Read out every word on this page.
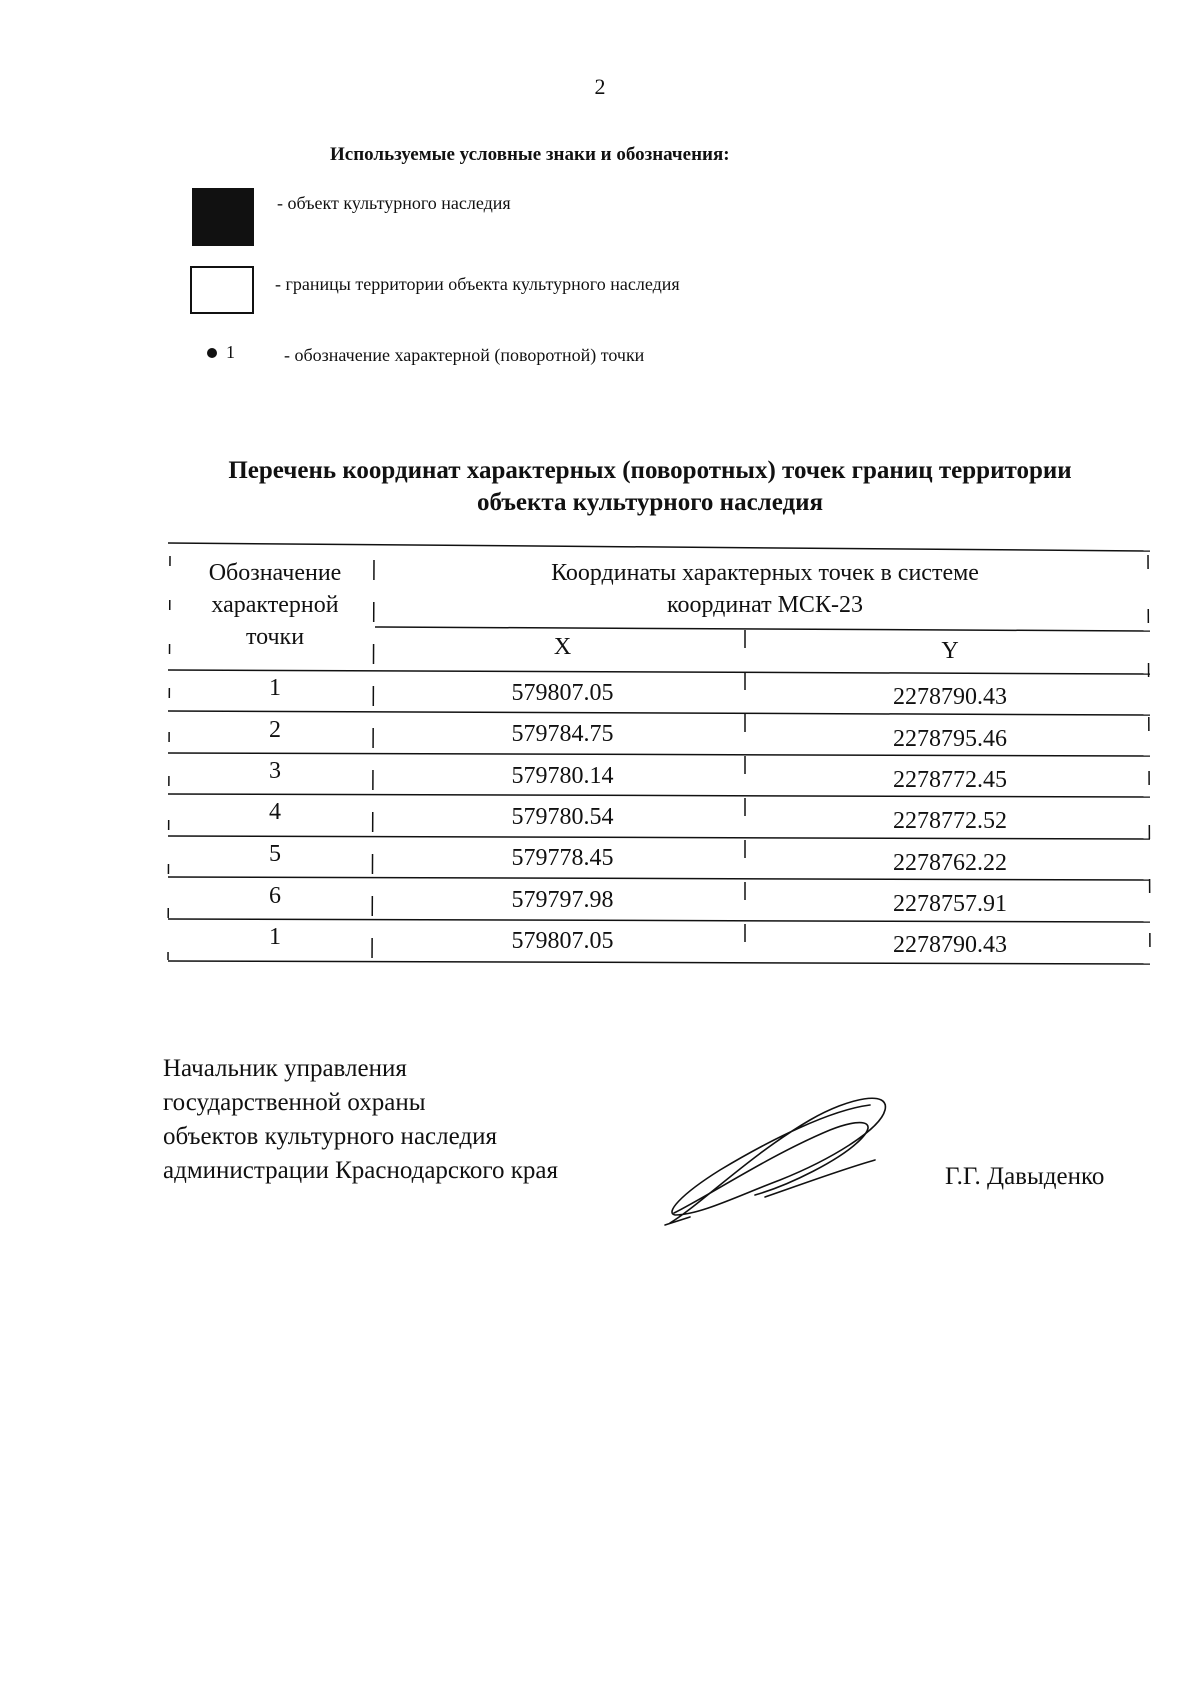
2
Используемые условные знаки и обозначения:
- объект культурного наследия
- границы территории объекта культурного наследия
1	- обозначение характерной (поворотной) точки
Перечень координат характерных (поворотных) точек границ территории
объекта культурного наследия
Обозначение
характерной
точки
Координаты характерных точек в системе
координат МСК-23
X	Y
1	579807.05	2278790.43
2	579784.75	2278795.46
3	579780.14	2278772.45
4	579780.54	2278772.52
5	579778.45	2278762.22
6	579797.98	2278757.91
1	579807.05	2278790.43
Начальник управления
государственной охраны
объектов культурного наследия
администрации Краснодарского края	Г.Г. Давыденко
